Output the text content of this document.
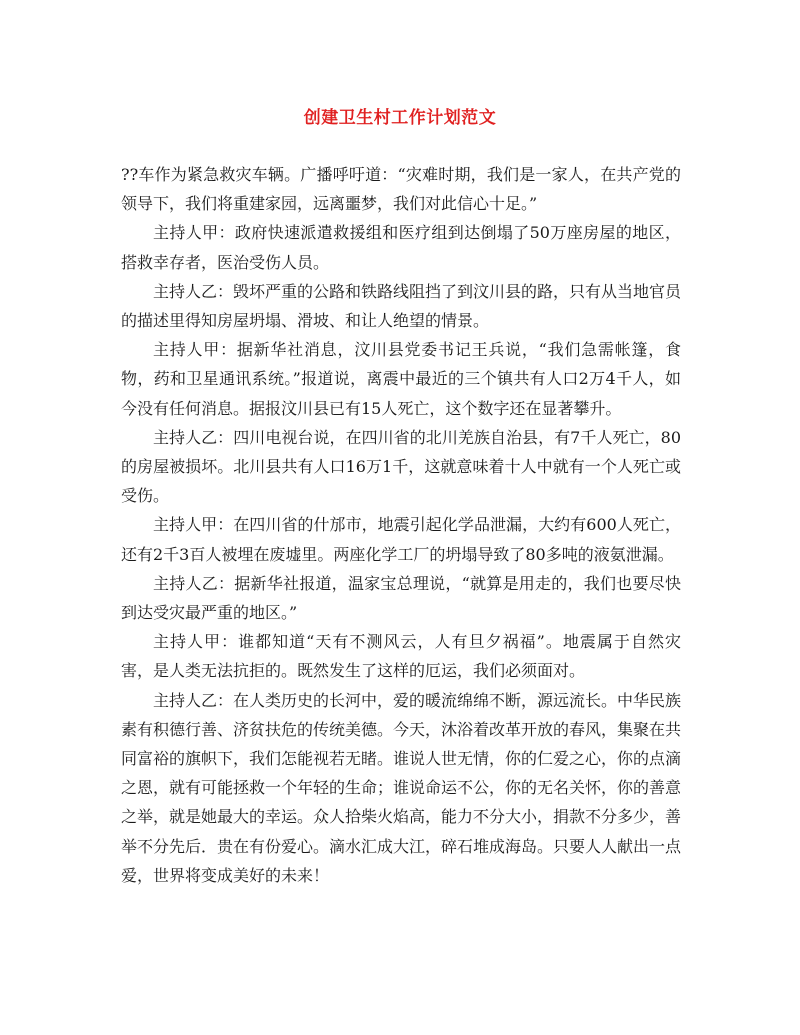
创建卫生村工作计划范文

??车作为紧急救灾车辆。广播呼吁道：“灾难时期，我们是一家人，在共产党的领导下，我们将重建家园，远离噩梦，我们对此信心十足。”

主持人甲：政府快速派遣救援组和医疗组到达倒塌了50万座房屋的地区，搭救幸存者，医治受伤人员。

主持人乙：毁坏严重的公路和铁路线阻挡了到汶川县的路，只有从当地官员的描述里得知房屋坍塌、滑坡、和让人绝望的情景。

主持人甲：据新华社消息，汶川县党委书记王兵说，“我们急需帐篷，食物，药和卫星通讯系统。”报道说，离震中最近的三个镇共有人口2万4千人，如今没有任何消息。据报汶川县已有15人死亡，这个数字还在显著攀升。

主持人乙：四川电视台说，在四川省的北川羌族自治县，有7千人死亡，80的房屋被损坏。北川县共有人口16万1千，这就意味着十人中就有一个人死亡或受伤。

主持人甲：在四川省的什邡市，地震引起化学品泄漏，大约有600人死亡，还有2千3百人被埋在废墟里。两座化学工厂的坍塌导致了80多吨的液氨泄漏。

主持人乙：据新华社报道，温家宝总理说，“就算是用走的，我们也要尽快到达受灾最严重的地区。”

主持人甲：谁都知道“天有不测风云，人有旦夕祸福”。地震属于自然灾害，是人类无法抗拒的。既然发生了这样的厄运，我们必须面对。

主持人乙：在人类历史的长河中，爱的暖流绵绵不断，源远流长。中华民族素有积德行善、济贫扶危的传统美德。今天，沐浴着改革开放的春风，集聚在共同富裕的旗帜下，我们怎能视若无睹。谁说人世无情，你的仁爱之心，你的点滴之恩，就有可能拯救一个年轻的生命；谁说命运不公，你的无名关怀，你的善意之举，就是她最大的幸运。众人拾柴火焰高，能力不分大小，捐款不分多少，善举不分先后．贵在有份爱心。滴水汇成大江，碎石堆成海岛。只要人人献出一点爱，世界将变成美好的未来！
